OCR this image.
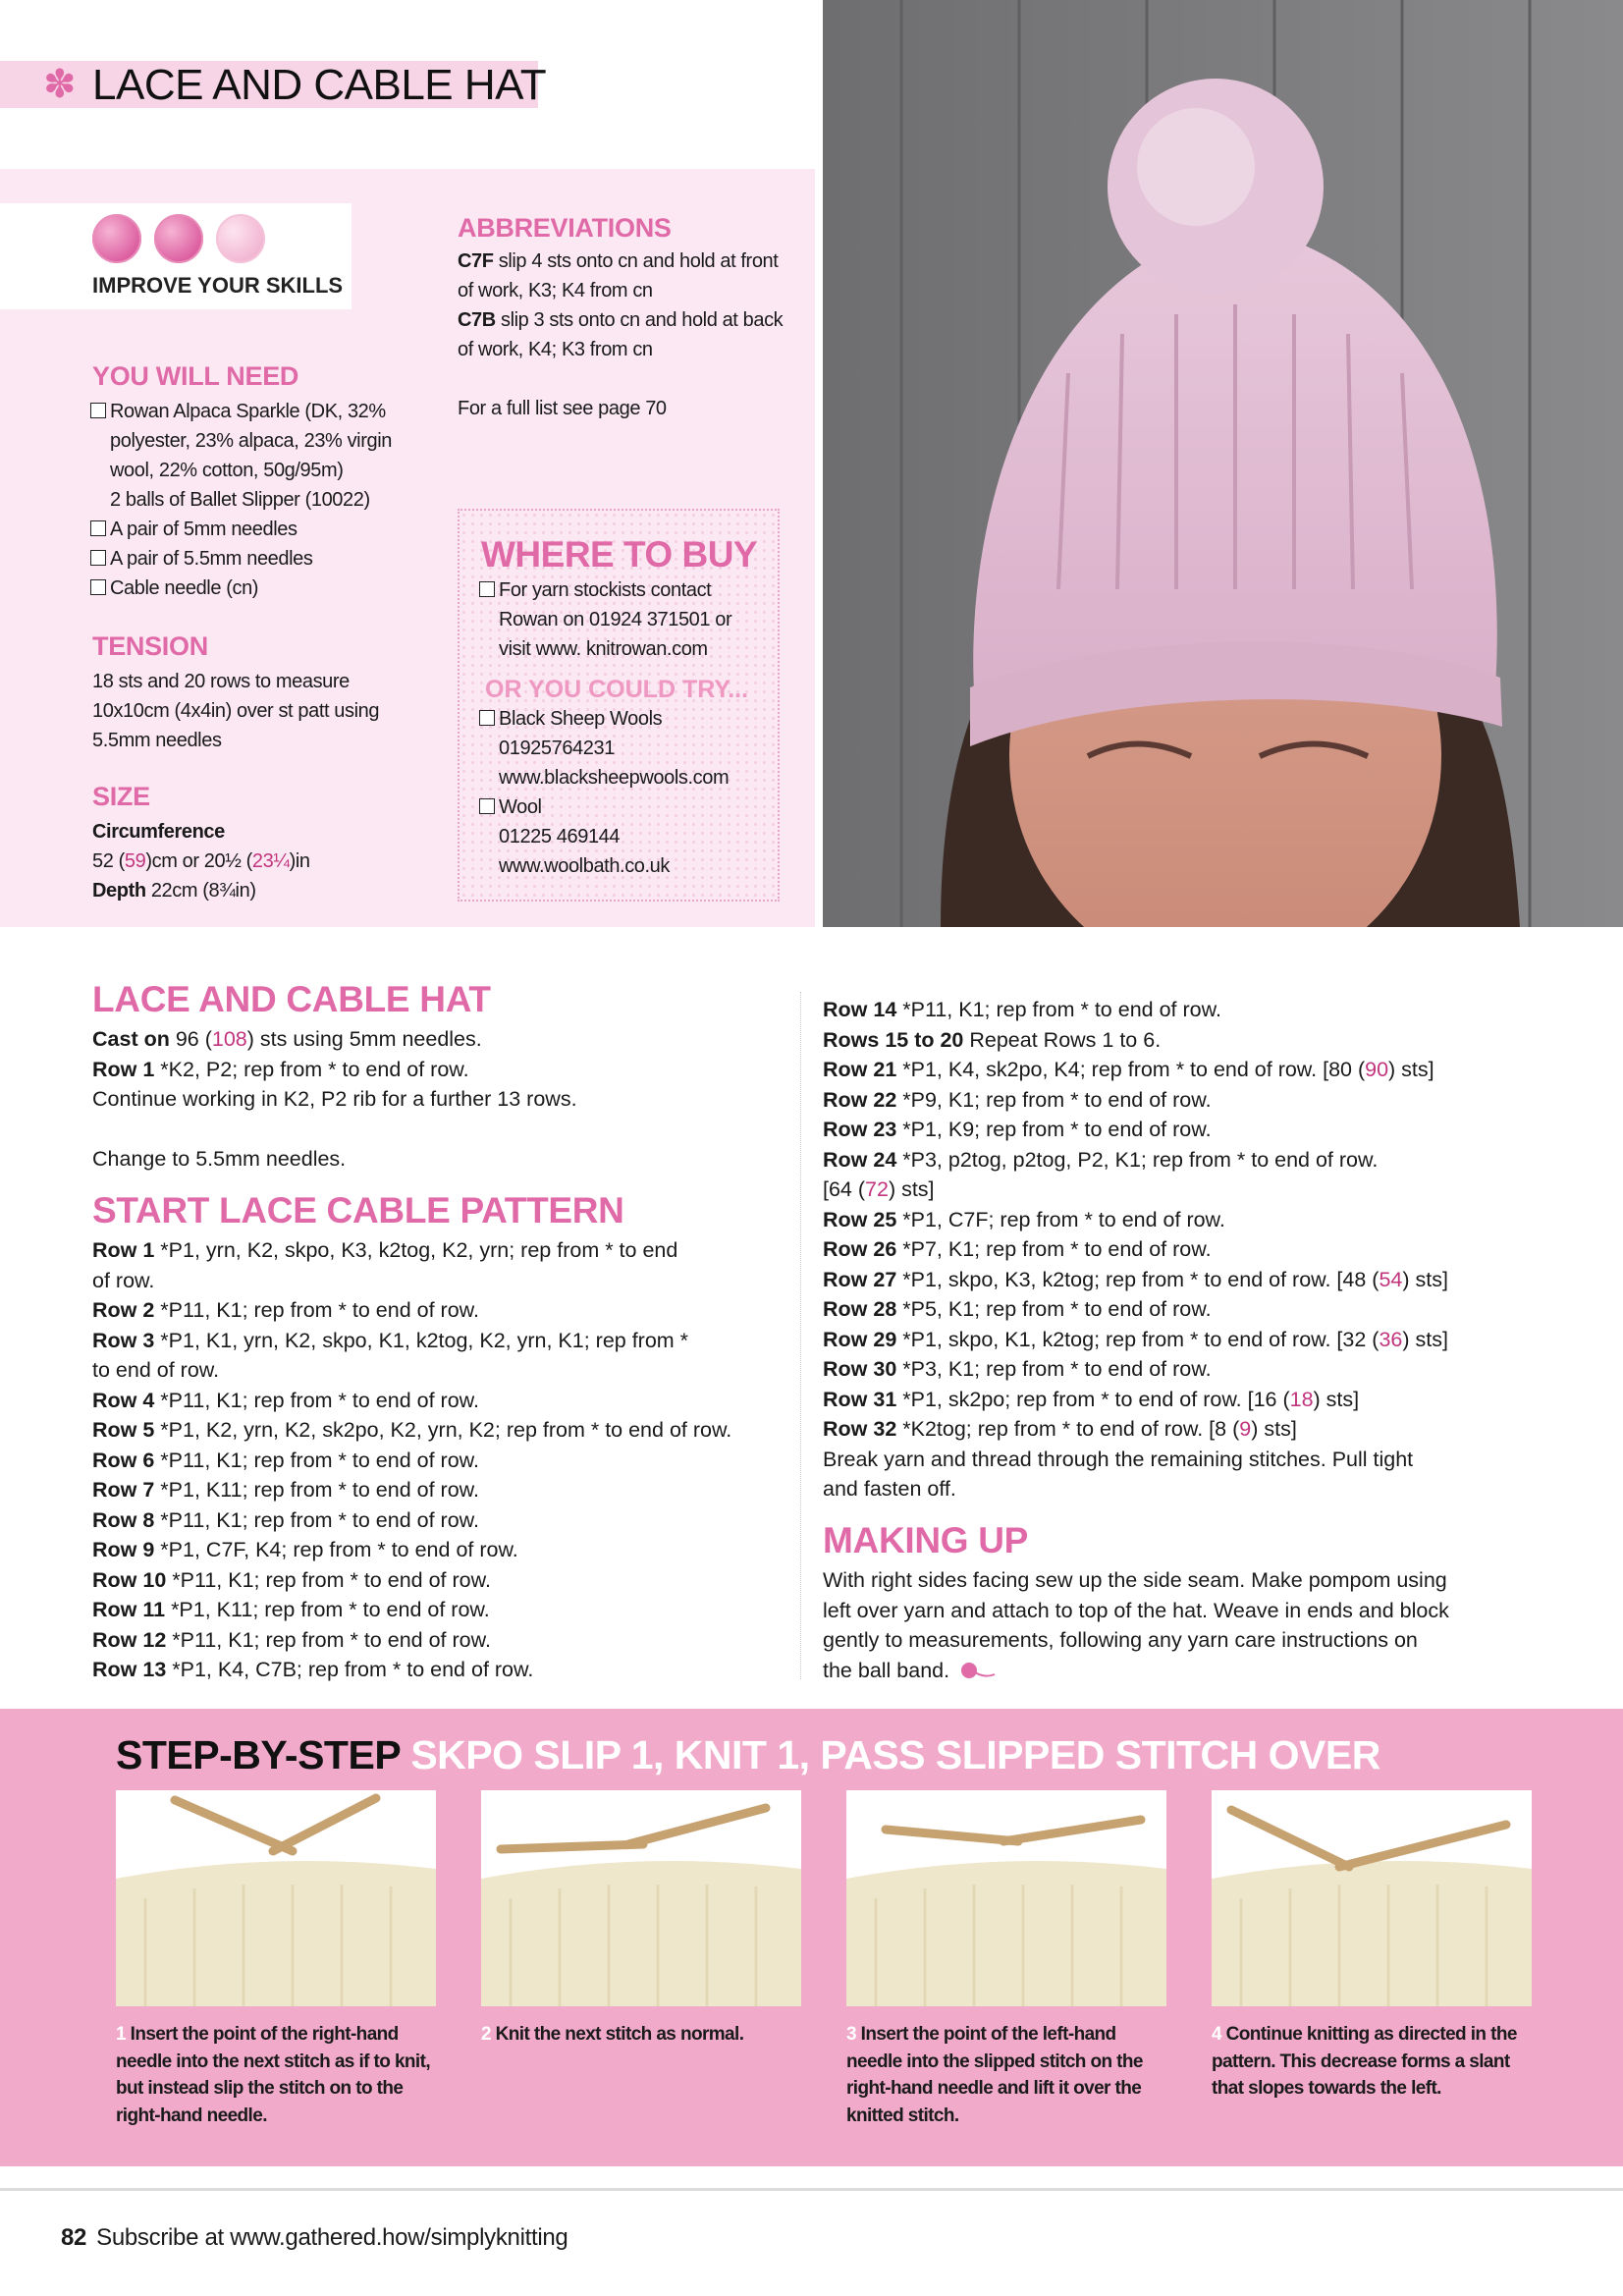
✽ LACE AND CABLE HAT
IMPROVE YOUR SKILLS
YOU WILL NEED
Rowan Alpaca Sparkle (DK, 32%
polyester, 23% alpaca, 23% virgin
wool, 22% cotton, 50g/95m)
2 balls of Ballet Slipper (10022)
A pair of 5mm needles
A pair of 5.5mm needles
Cable needle (cn)
TENSION
18 sts and 20 rows to measure
10x10cm (4x4in) over st patt using
5.5mm needles
SIZE
Circumference
52 (59)cm or 20½ (23¼)in
Depth 22cm (8¾in)
ABBREVIATIONS
C7F slip 4 sts onto cn and hold at front
of work, K3; K4 from cn
C7B slip 3 sts onto cn and hold at back
of work, K4; K3 from cn
For a full list see page 70
WHERE TO BUY
For yarn stockists contact
Rowan on 01924 371501 or
visit www. knitrowan.com
OR YOU COULD TRY...
Black Sheep Wools
01925764231
www.blacksheepwools.com
Wool
01225 469144
www.woolbath.co.uk
LACE AND CABLE HAT
Cast on 96 (108) sts using 5mm needles.
Row 1 *K2, P2; rep from * to end of row.
Continue working in K2, P2 rib for a further 13 rows.
Change to 5.5mm needles.
START LACE CABLE PATTERN
Row 1 *P1, yrn, K2, skpo, K3, k2tog, K2, yrn; rep from * to end
of row.
Row 2 *P11, K1; rep from * to end of row.
Row 3 *P1, K1, yrn, K2, skpo, K1, k2tog, K2, yrn, K1; rep from *
to end of row.
Row 4 *P11, K1; rep from * to end of row.
Row 5 *P1, K2, yrn, K2, sk2po, K2, yrn, K2; rep from * to end of row.
Row 6 *P11, K1; rep from * to end of row.
Row 7 *P1, K11; rep from * to end of row.
Row 8 *P11, K1; rep from * to end of row.
Row 9 *P1, C7F, K4; rep from * to end of row.
Row 10 *P11, K1; rep from * to end of row.
Row 11 *P1, K11; rep from * to end of row.
Row 12 *P11, K1; rep from * to end of row.
Row 13 *P1, K4, C7B; rep from * to end of row.
Row 14 *P11, K1; rep from * to end of row.
Rows 15 to 20 Repeat Rows 1 to 6.
Row 21 *P1, K4, sk2po, K4; rep from * to end of row. [80 (90) sts]
Row 22 *P9, K1; rep from * to end of row.
Row 23 *P1, K9; rep from * to end of row.
Row 24 *P3, p2tog, p2tog, P2, K1; rep from * to end of row.
[64 (72) sts]
Row 25 *P1, C7F; rep from * to end of row.
Row 26 *P7, K1; rep from * to end of row.
Row 27 *P1, skpo, K3, k2tog; rep from * to end of row. [48 (54) sts]
Row 28 *P5, K1; rep from * to end of row.
Row 29 *P1, skpo, K1, k2tog; rep from * to end of row. [32 (36) sts]
Row 30 *P3, K1; rep from * to end of row.
Row 31 *P1, sk2po; rep from * to end of row. [16 (18) sts]
Row 32 *K2tog; rep from * to end of row. [8 (9) sts]
Break yarn and thread through the remaining stitches. Pull tight
and fasten off.
MAKING UP
With right sides facing sew up the side seam. Make pompom using
left over yarn and attach to top of the hat. Weave in ends and block
gently to measurements, following any yarn care instructions on
the ball band.
STEP-BY-STEP SKPO SLIP 1, KNIT 1, PASS SLIPPED STITCH OVER
1 Insert the point of the right-hand
needle into the next stitch as if to knit,
but instead slip the stitch on to the
right-hand needle.
2 Knit the next stitch as normal.	3 Insert the point of the left-hand
needle into the slipped stitch on the
right-hand needle and lift it over the
knitted stitch.
4 Continue knitting as directed in the
pattern. This decrease forms a slant
that slopes towards the left.
82 Subscribe at www.gathered.how/simplyknitting
